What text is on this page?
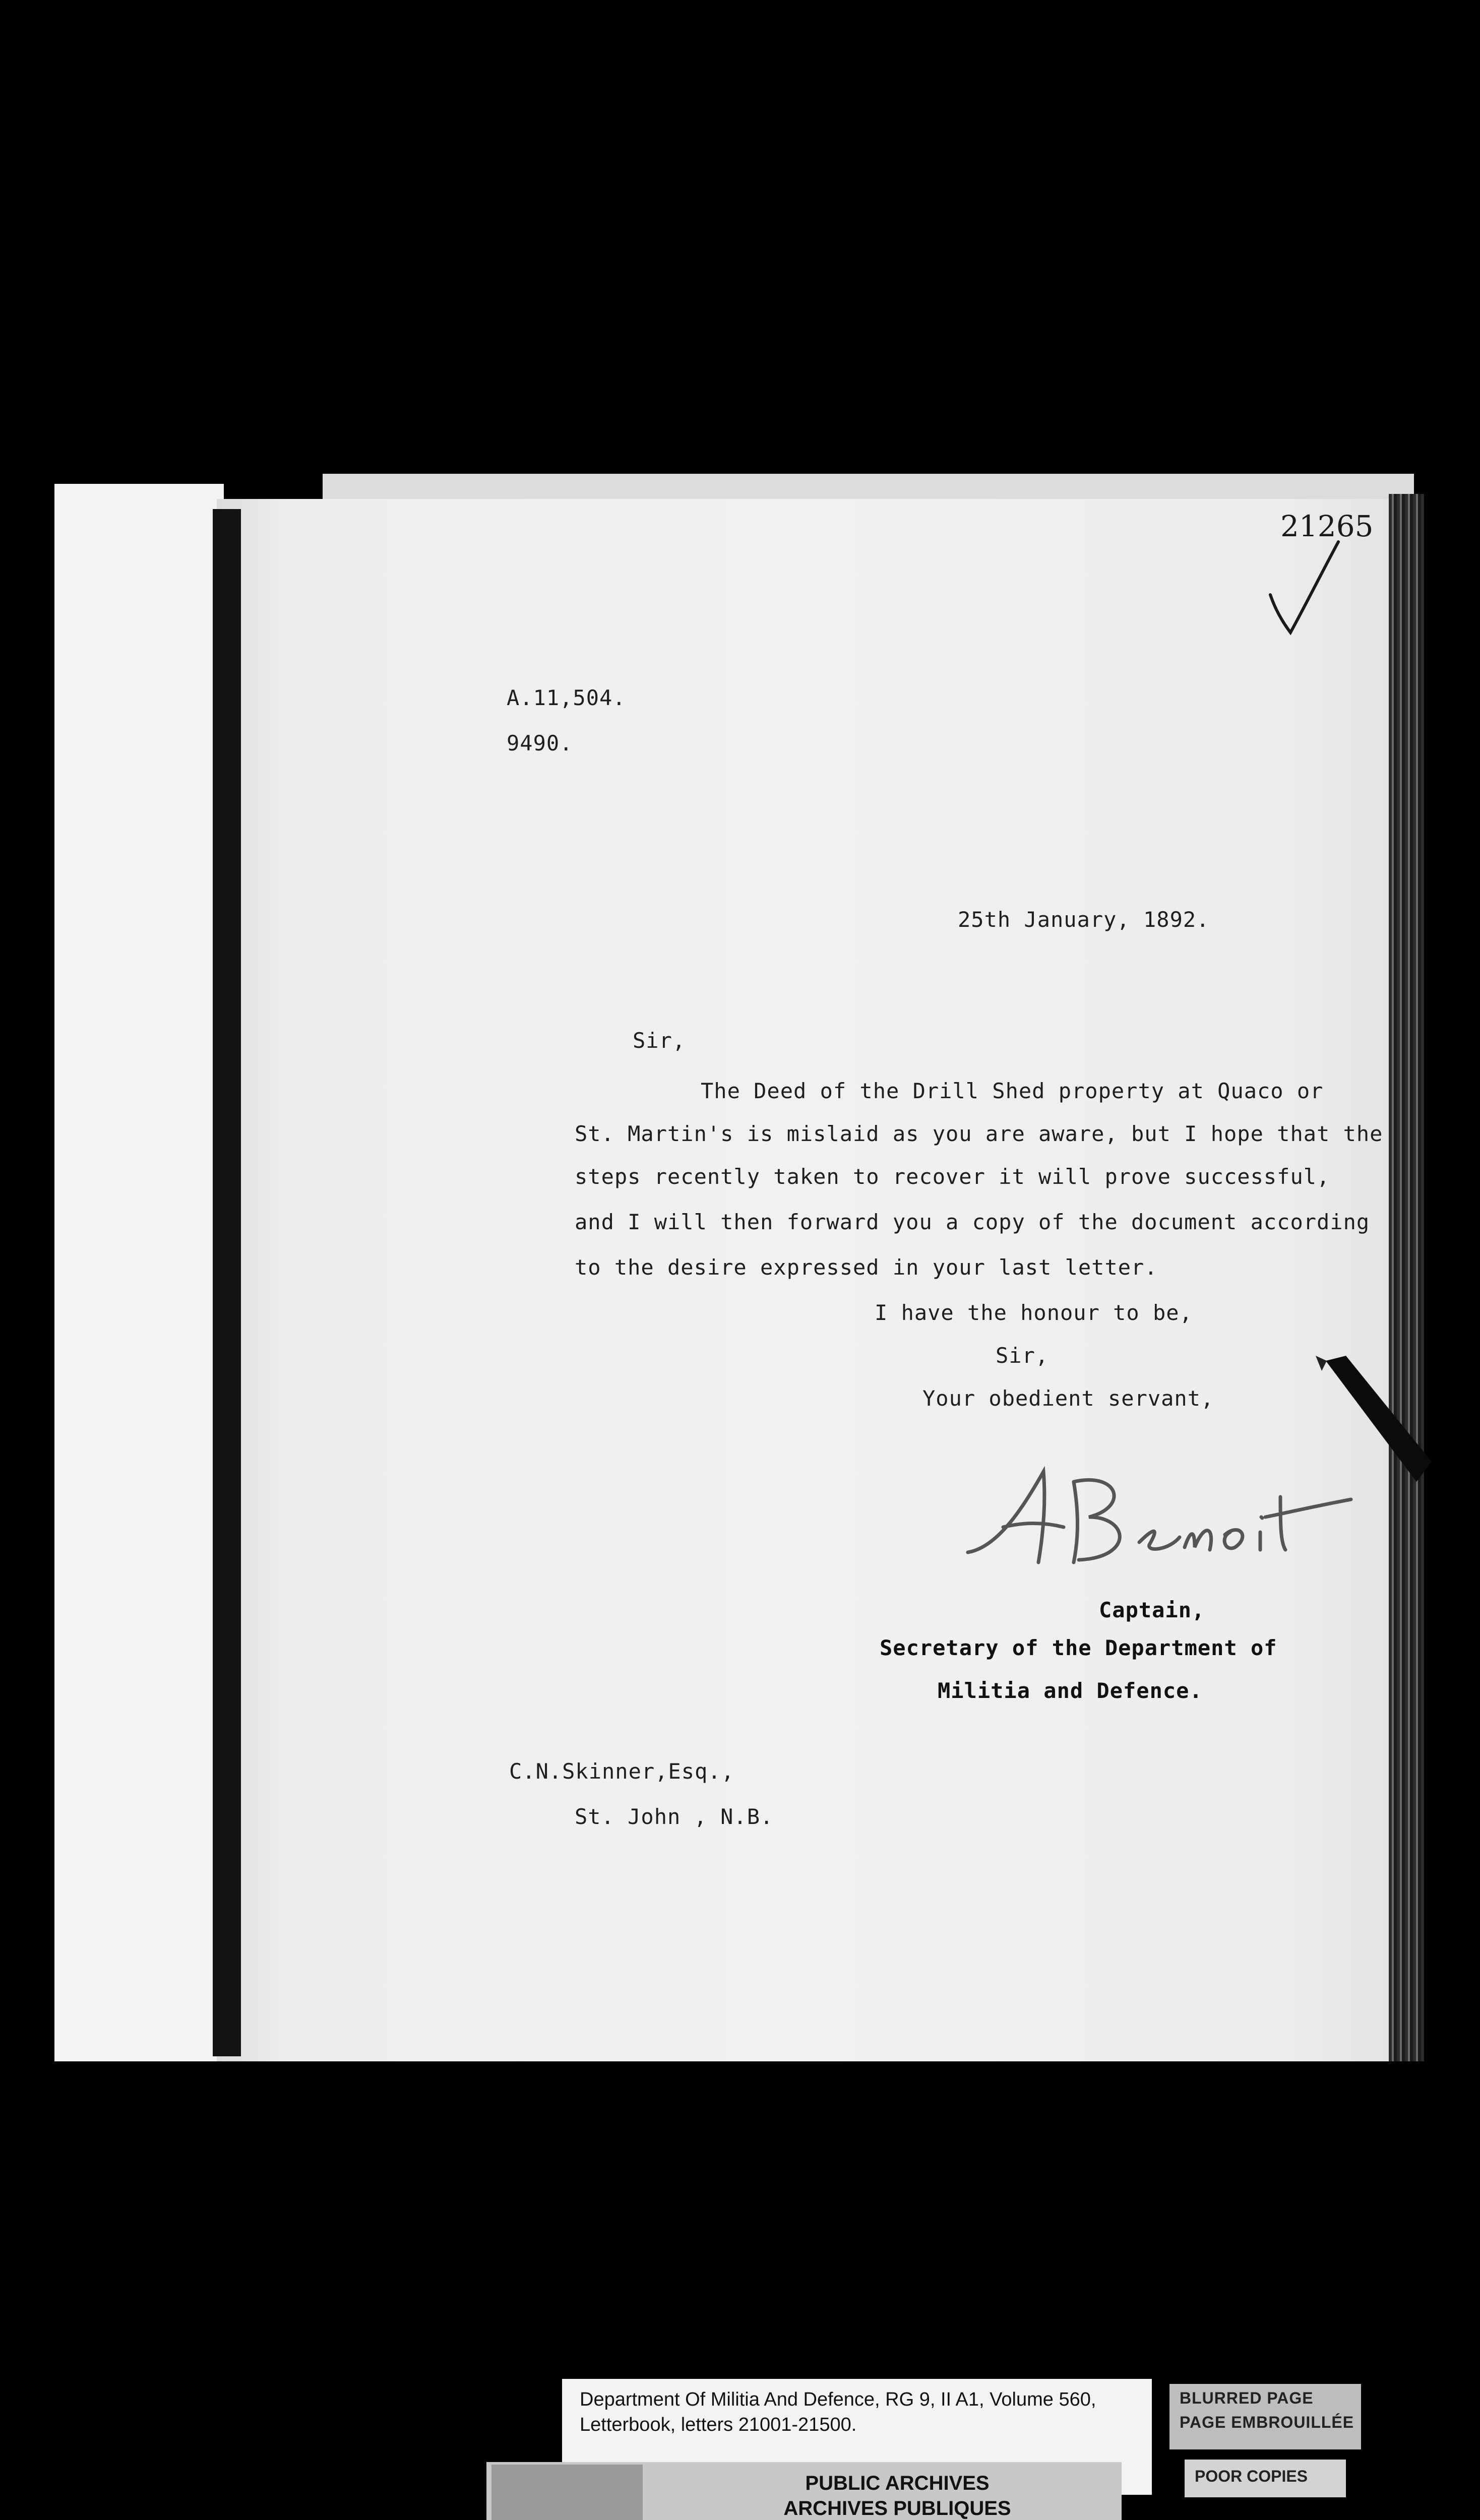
21265
A.11,504.
9490.
25th January, 1892.
Sir,
The Deed of the Drill Shed property at Quaco or
St. Martin's is mislaid as you are aware, but I hope that the
steps recently taken to recover it will prove successful,
and I will then forward you a copy of the document according
to the desire expressed in your last letter.
I have the honour to be,
Sir,
Your obedient servant,
Captain,
Secretary of the Department of
Militia and Defence.
C.N.Skinner,Esq.,
St. John , N.B.
Department Of Militia And Defence, RG 9, II A1, Volume 560,
Letterbook, letters 21001-21500.
BLURRED PAGE
PAGE EMBROUILLÉE
POOR COPIES
PUBLIC ARCHIVES
ARCHIVES PUBLIQUES
